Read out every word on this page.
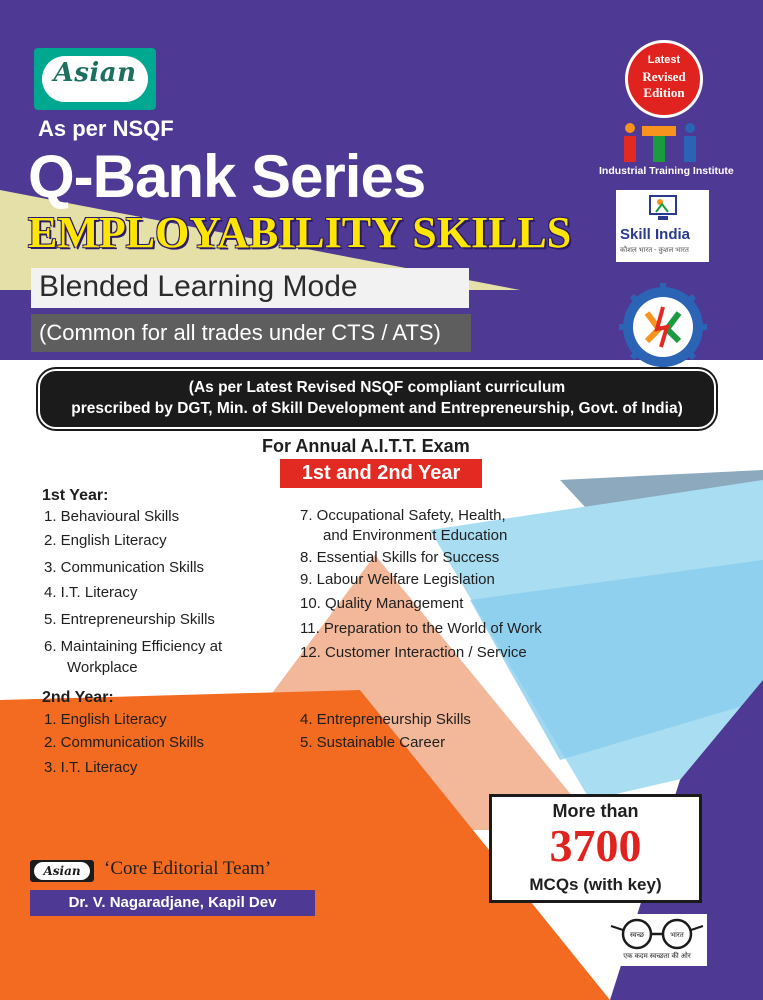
Asian
As per NSQF
Q-Bank Series
EMPLOYABILITY SKILLS
Blended Learning Mode
(Common for all trades under CTS / ATS)
Latest
Revised
Edition
Industrial Training Institute
Skill India
कौशल भारत - कुशल भारत
(As per Latest Revised NSQF compliant curriculum
prescribed by DGT, Min. of Skill Development and Entrepreneurship, Govt. of India)
For Annual A.I.T.T. Exam
1st and 2nd Year
1st Year:
1. Behavioural Skills
2. English Literacy
3. Communication Skills
4. I.T. Literacy
5. Entrepreneurship Skills
6. Maintaining Efficiency at
Workplace
7. Occupational Safety, Health,
and Environment Education
8. Essential Skills for Success
9. Labour Welfare Legislation
10. Quality Management
11. Preparation to the World of Work
12. Customer Interaction / Service
2nd Year:
1. English Literacy
2. Communication Skills
3. I.T. Literacy
4. Entrepreneurship Skills
5. Sustainable Career
More than
3700
MCQs (with key)
Asian	‘Core Editorial Team’
Dr. V. Nagaradjane, Kapil Dev
स्वच्छ	भारत
एक कदम स्वच्छता की ओर
